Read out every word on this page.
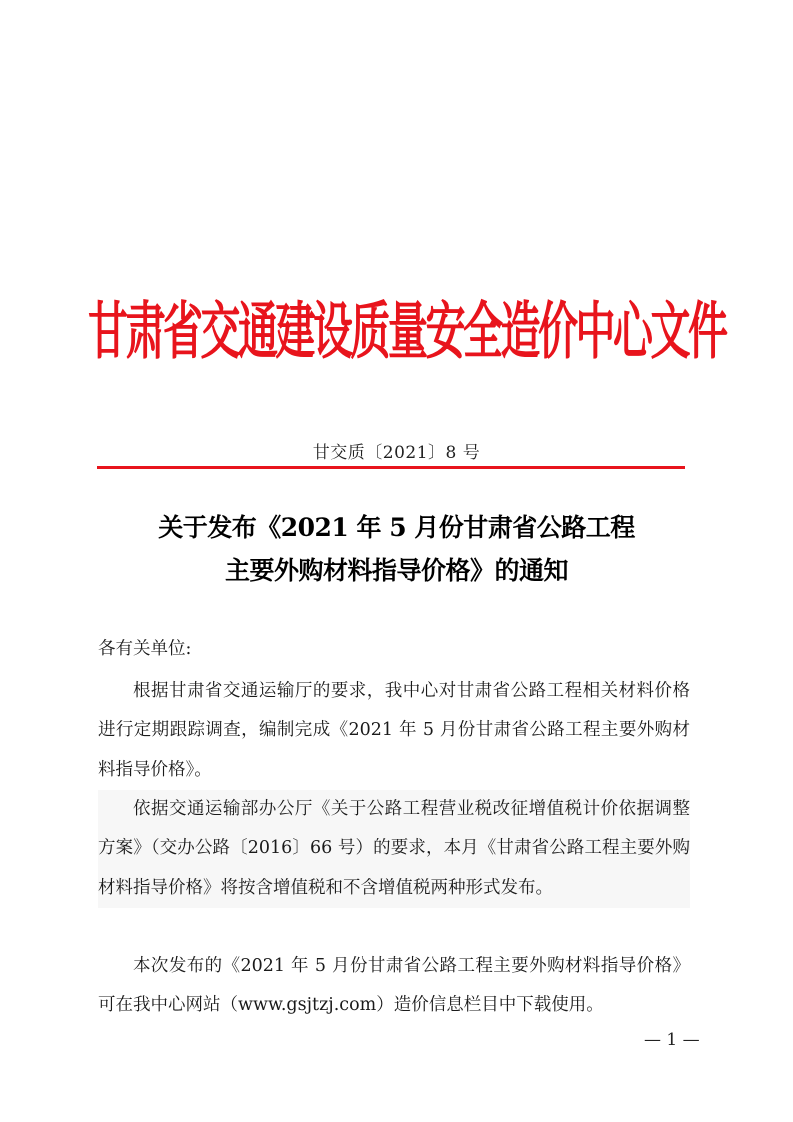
甘肃省交通建设质量安全造价中心文件
甘交质〔2021〕8 号
关于发布《2021 年 5 月份甘肃省公路工程
主要外购材料指导价格》的通知
各有关单位:

根据甘肃省交通运输厅的要求，我中心对甘肃省公路工程相关材料价格进行定期跟踪调查，编制完成《2021 年 5 月份甘肃省公路工程主要外购材料指导价格》。

依据交通运输部办公厅《关于公路工程营业税改征增值税计价依据调整方案》（交办公路〔2016〕66 号）的要求，本月《甘肃省公路工程主要外购材料指导价格》将按含增值税和不含增值税两种形式发布。

本次发布的《2021 年 5 月份甘肃省公路工程主要外购材料指导价格》可在我中心网站（www.gsjtzj.com）造价信息栏目中下载使用。

— 1 —
